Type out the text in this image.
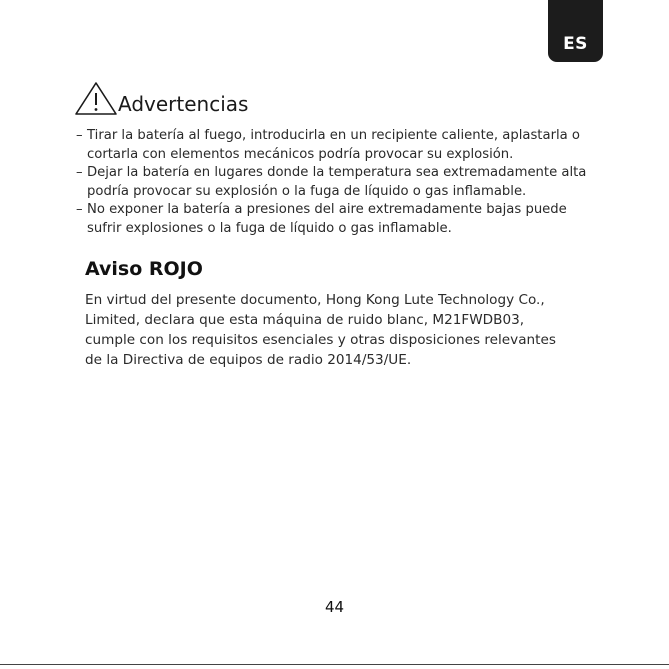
ES
Advertencias
– Tirar la batería al fuego, introducirla en un recipiente caliente, aplastarla o
cortarla con elementos mecánicos podría provocar su explosión.
– Dejar la batería en lugares donde la temperatura sea extremadamente alta
podría provocar su explosión o la fuga de líquido o gas inflamable.
– No exponer la batería a presiones del aire extremadamente bajas puede
sufrir explosiones o la fuga de líquido o gas inflamable.
Aviso ROJO

En virtud del presente documento, Hong Kong Lute Technology Co.,
Limited, declara que esta máquina de ruido blanc, M21FWDB03,
cumple con los requisitos esenciales y otras disposiciones relevantes
de la Directiva de equipos de radio 2014/53/UE.

44
